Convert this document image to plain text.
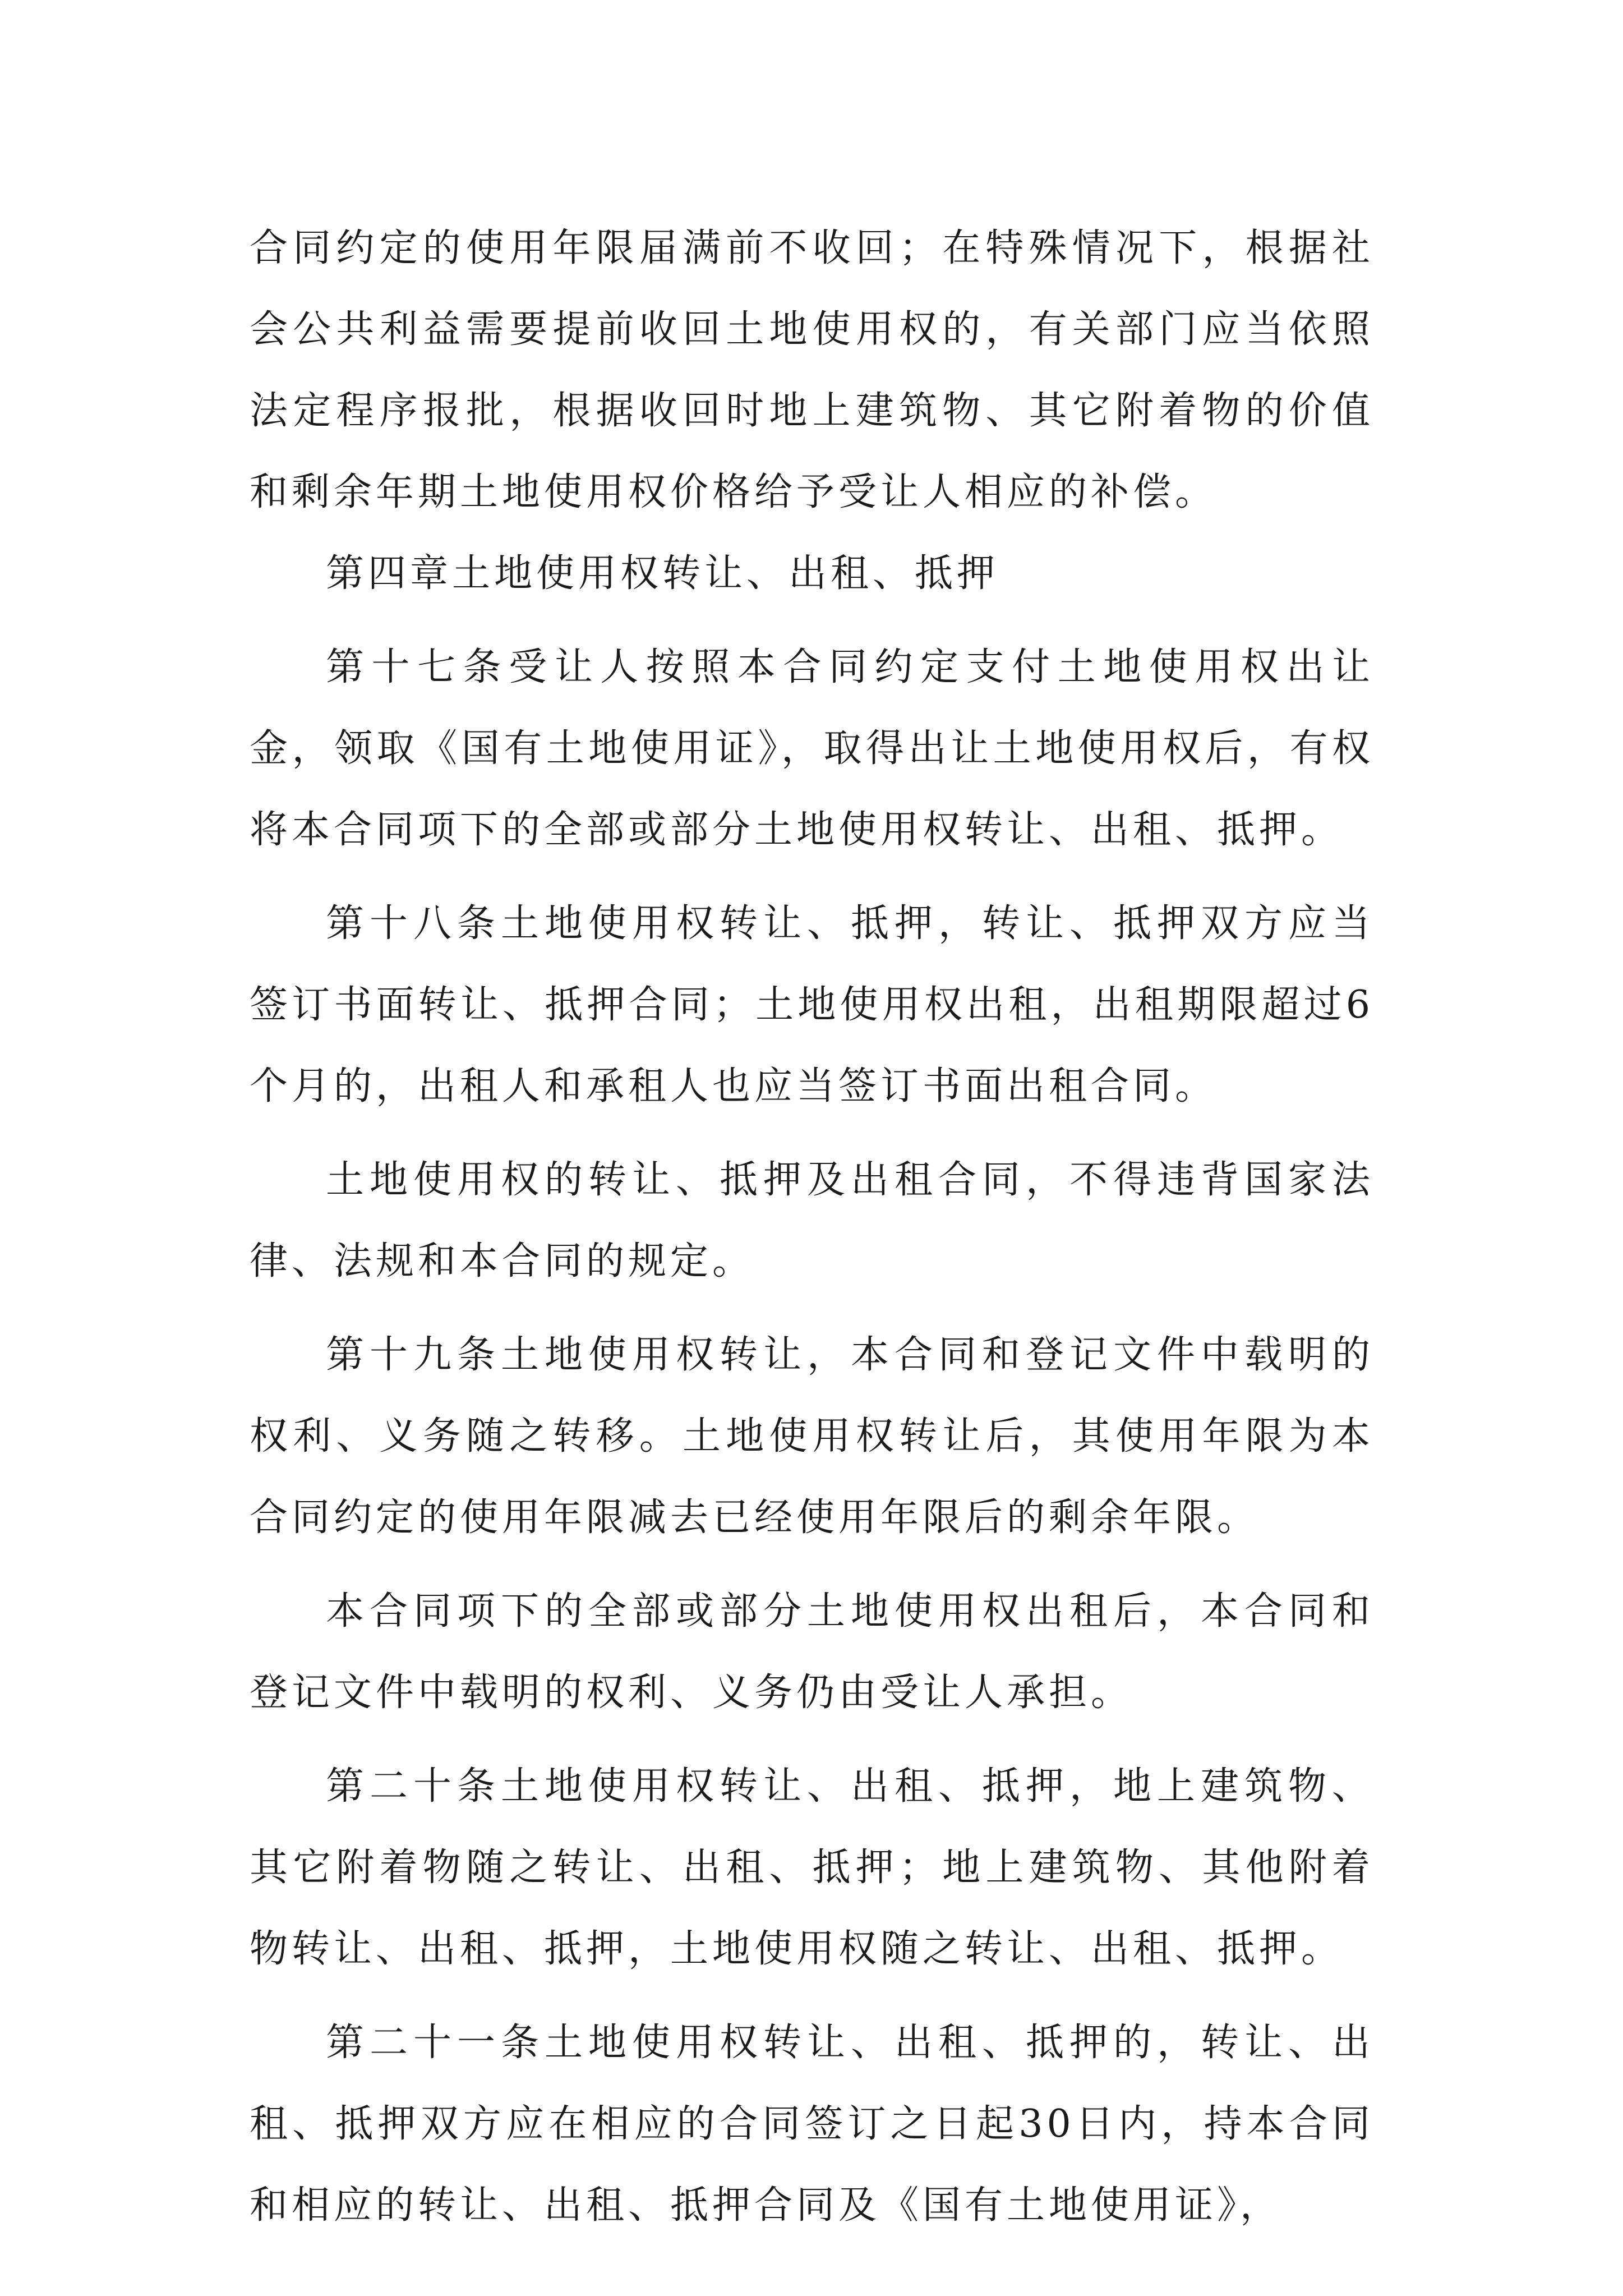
合同约定的使用年限届满前不收回；在特殊情况下，根据社会公共利益需要提前收回土地使用权的，有关部门应当依照法定程序报批，根据收回时地上建筑物、其它附着物的价值和剩余年期土地使用权价格给予受让人相应的补偿。

第四章土地使用权转让、出租、抵押

第十七条受让人按照本合同约定支付土地使用权出让金，领取《国有土地使用证》，取得出让土地使用权后，有权将本合同项下的全部或部分土地使用权转让、出租、抵押。

第十八条土地使用权转让、抵押，转让、抵押双方应当签订书面转让、抵押合同；土地使用权出租，出租期限超过6个月的，出租人和承租人也应当签订书面出租合同。

土地使用权的转让、抵押及出租合同，不得违背国家法律、法规和本合同的规定。

第十九条土地使用权转让，本合同和登记文件中载明的权利、义务随之转移。土地使用权转让后，其使用年限为本合同约定的使用年限减去已经使用年限后的剩余年限。

本合同项下的全部或部分土地使用权出租后，本合同和登记文件中载明的权利、义务仍由受让人承担。

第二十条土地使用权转让、出租、抵押，地上建筑物、其它附着物随之转让、出租、抵押；地上建筑物、其他附着物转让、出租、抵押，土地使用权随之转让、出租、抵押。

第二十一条土地使用权转让、出租、抵押的，转让、出租、抵押双方应在相应的合同签订之日起30日内，持本合同和相应的转让、出租、抵押合同及《国有土地使用证》，
